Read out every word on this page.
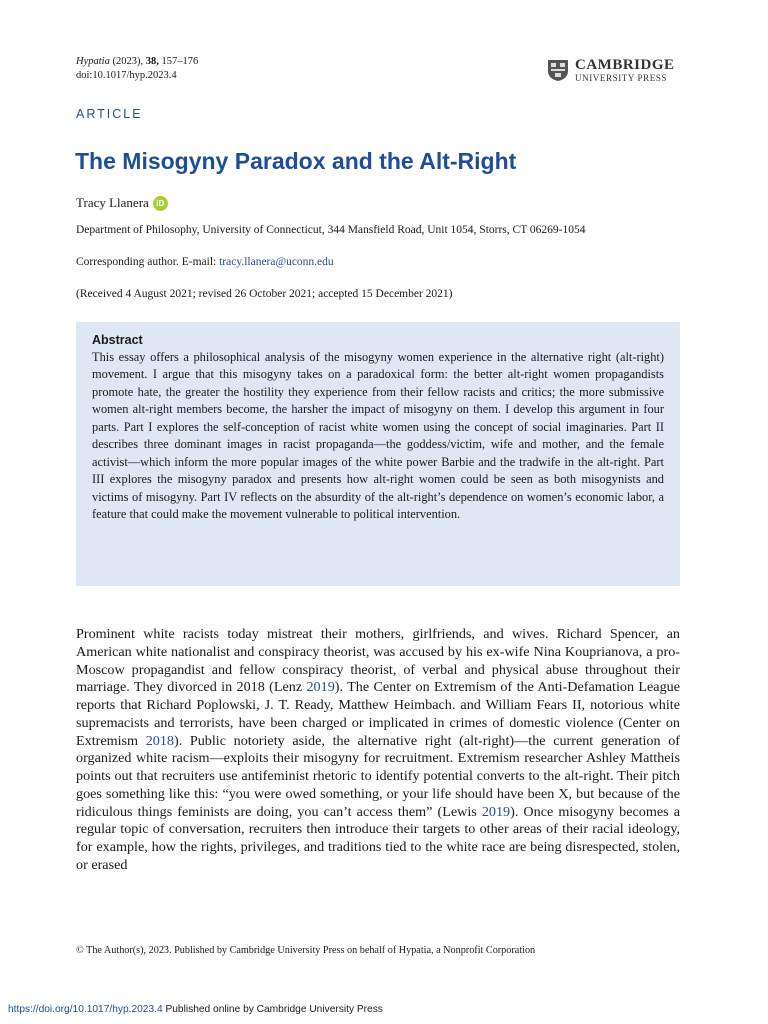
Hypatia (2023), 38, 157–176
doi:10.1017/hyp.2023.4
CAMBRIDGE
UNIVERSITY PRESS
ARTICLE
The Misogyny Paradox and the Alt-Right
Tracy Llanera iD
Department of Philosophy, University of Connecticut, 344 Mansfield Road, Unit 1054, Storrs, CT 06269-1054
Corresponding author. E-mail: tracy.llanera@uconn.edu
(Received 4 August 2021; revised 26 October 2021; accepted 15 December 2021)
Abstract

This essay offers a philosophical analysis of the misogyny women experience in the alternative right (alt-right) movement. I argue that this misogyny takes on a paradoxical form: the better alt-right women propagandists promote hate, the greater the hostility they experience from their fellow racists and critics; the more submissive women alt-right members become, the harsher the impact of misogyny on them. I develop this argument in four parts. Part I explores the self-conception of racist white women using the concept of social imaginaries. Part II describes three dominant images in racist propaganda—the goddess/victim, wife and mother, and the female activist—which inform the more popular images of the white power Barbie and the tradwife in the alt-right. Part III explores the misogyny paradox and presents how alt-right women could be seen as both misogynists and victims of misogyny. Part IV reflects on the absurdity of the alt-right’s dependence on women’s economic labor, a feature that could make the movement vulnerable to political intervention.

Prominent white racists today mistreat their mothers, girlfriends, and wives. Richard Spencer, an American white nationalist and conspiracy theorist, was accused by his ex-wife Nina Kouprianova, a pro-Moscow propagandist and fellow conspiracy theorist, of verbal and physical abuse throughout their marriage. They divorced in 2018 (Lenz 2019). The Center on Extremism of the Anti-Defamation League reports that Richard Poplowski, J. T. Ready, Matthew Heimbach. and William Fears II, notorious white supremacists and terrorists, have been charged or implicated in crimes of domestic violence (Center on Extremism 2018). Public notoriety aside, the alternative right (alt-right)—the current generation of organized white racism—exploits their misogyny for recruitment. Extremism researcher Ashley Mattheis points out that recruiters use antifeminist rhetoric to identify potential converts to the alt-right. Their pitch goes something like this: “you were owed something, or your life should have been X, but because of the ridiculous things feminists are doing, you can’t access them” (Lewis 2019). Once misogyny becomes a regular topic of conversation, recruiters then introduce their targets to other areas of their racial ideology, for example, how the rights, privileges, and traditions tied to the white race are being disrespected, stolen, or erased

© The Author(s), 2023. Published by Cambridge University Press on behalf of Hypatia, a Nonprofit Corporation
https://doi.org/10.1017/hyp.2023.4 Published online by Cambridge University Press
